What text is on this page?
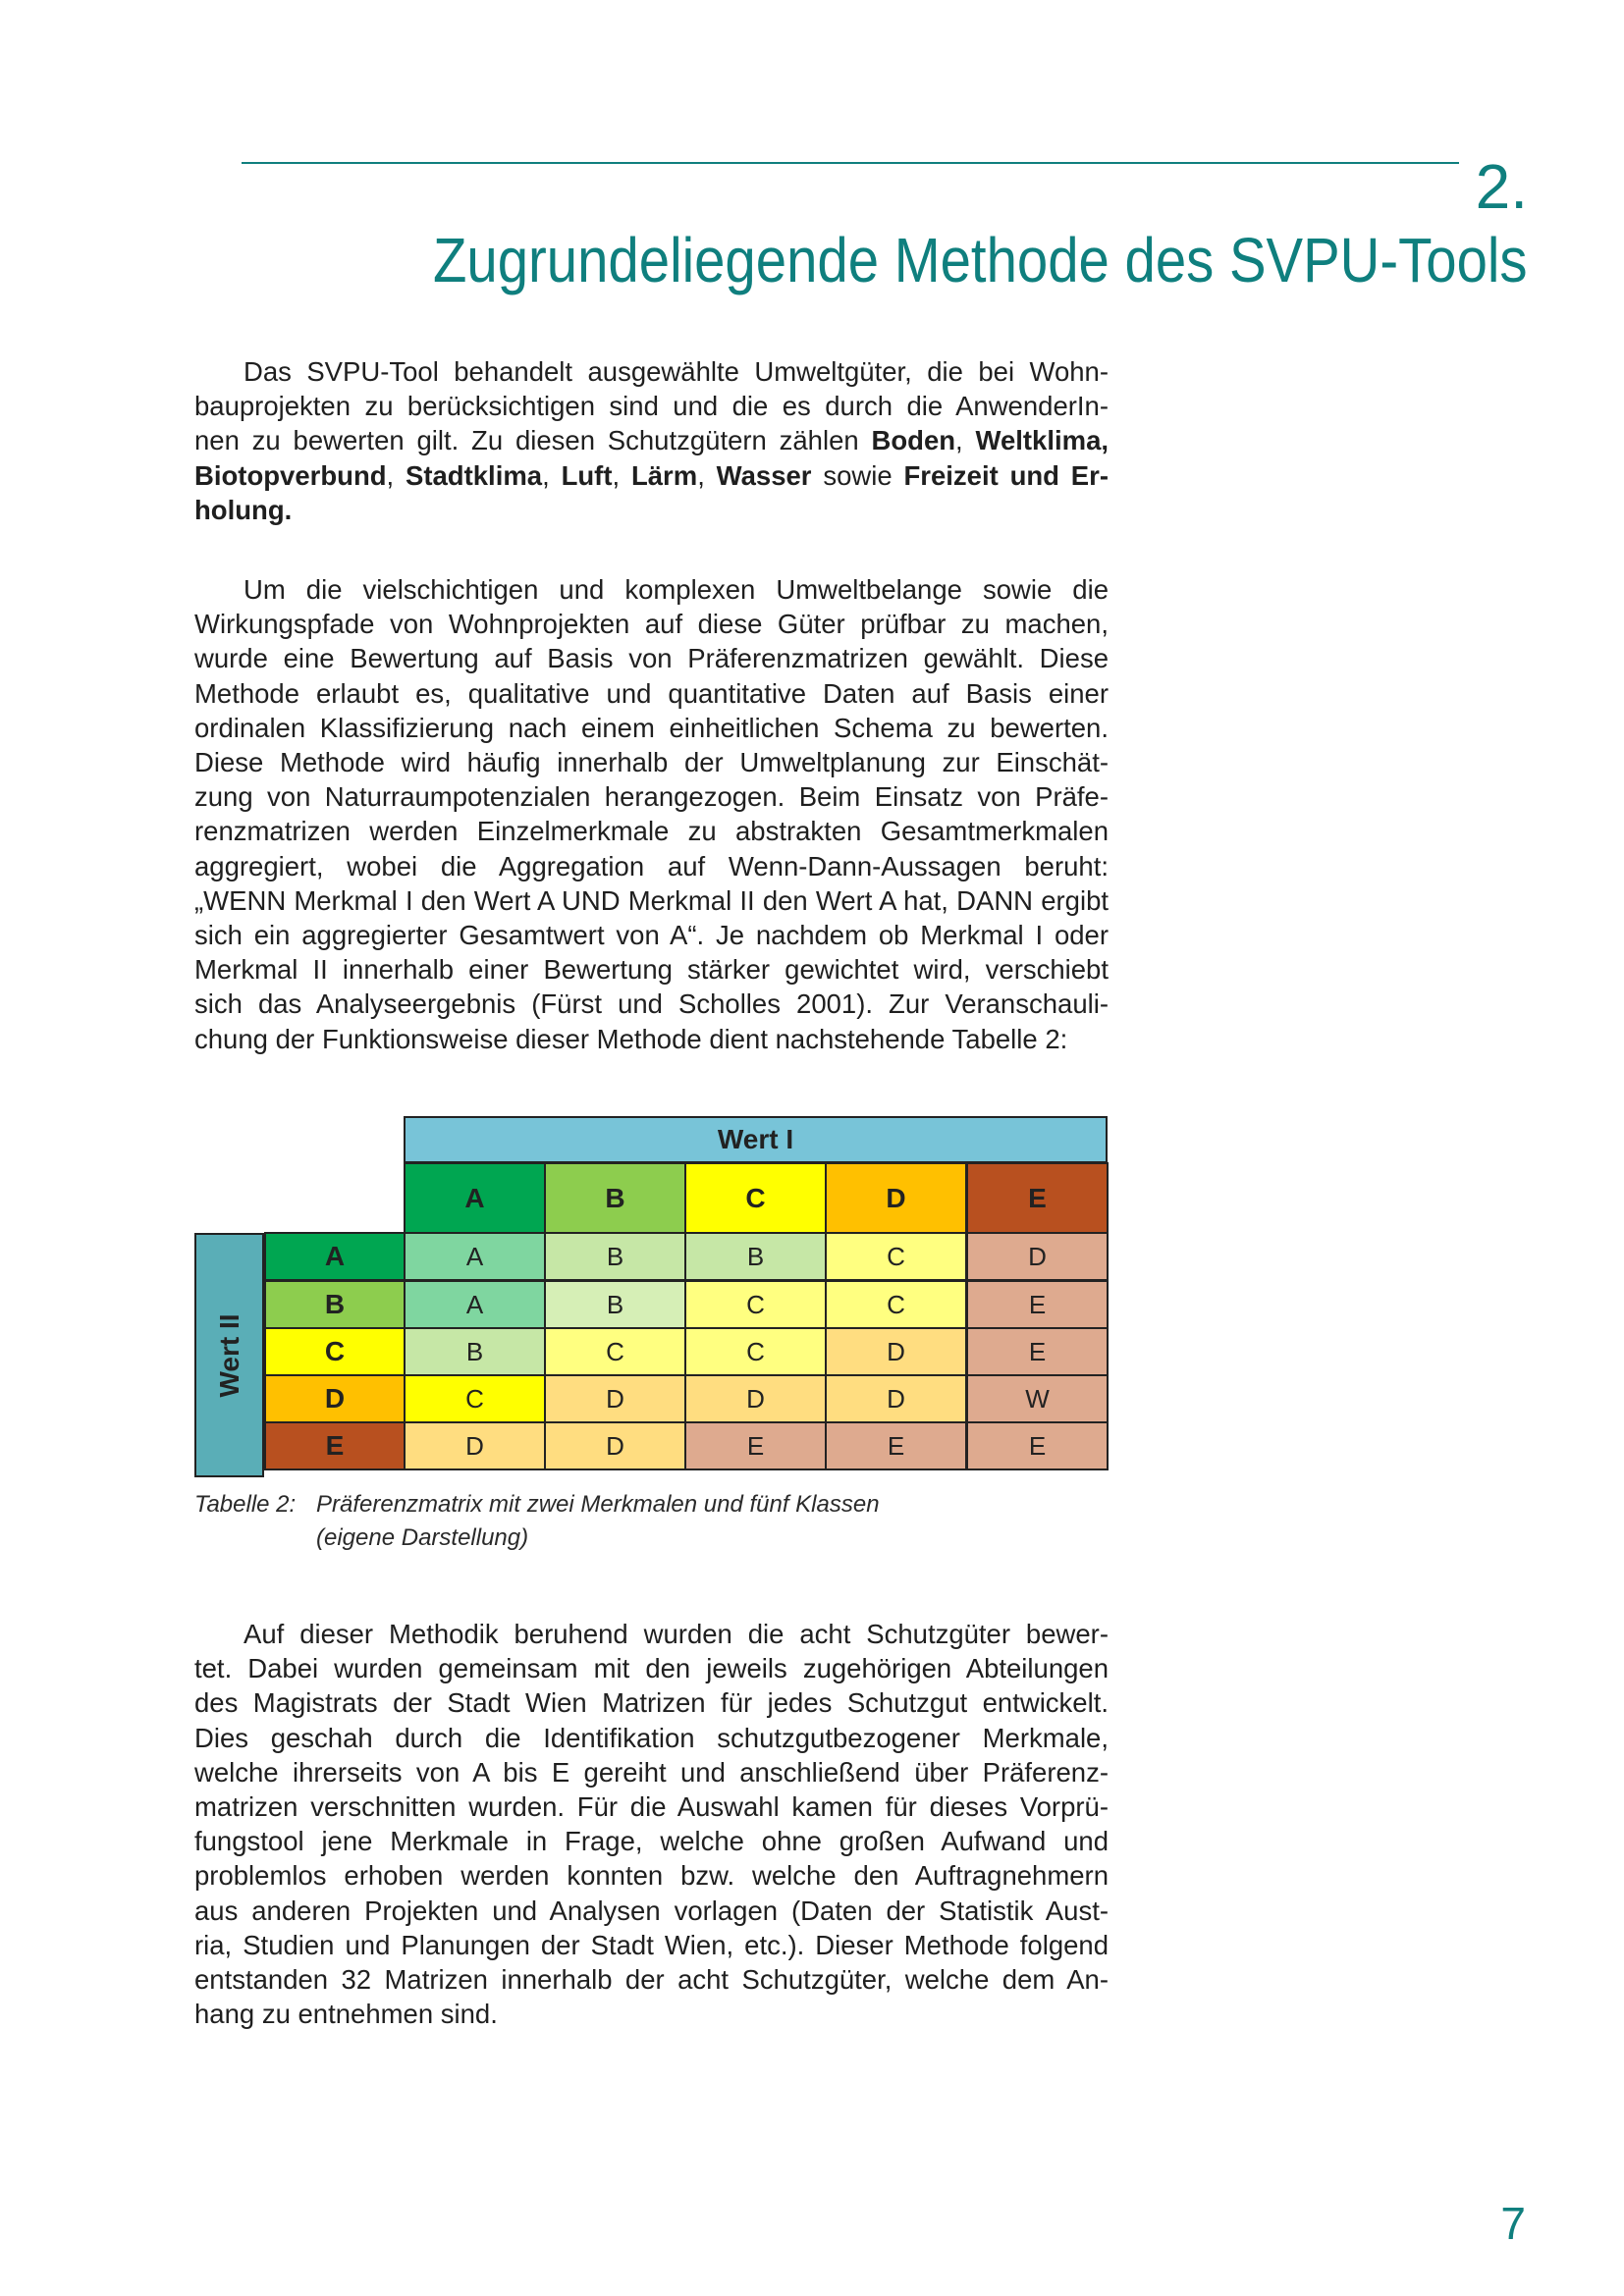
2.
Zugrundeliegende Methode des SVPU-Tools
Das SVPU-Tool behandelt ausgewählte Umweltgüter, die bei Wohn-
bauprojekten zu berücksichtigen sind und die es durch die AnwenderIn-
nen zu bewerten gilt. Zu diesen Schutzgütern zählen Boden, Weltklima,
Biotopverbund, Stadtklima, Luft, Lärm, Wasser sowie Freizeit und Er-
holung.
Um die vielschichtigen und komplexen Umweltbelange sowie die
Wirkungspfade von Wohnprojekten auf diese Güter prüfbar zu machen,
wurde eine Bewertung auf Basis von Präferenzmatrizen gewählt. Diese
Methode erlaubt es, qualitative und quantitative Daten auf Basis einer
ordinalen Klassifizierung nach einem einheitlichen Schema zu bewerten.
Diese Methode wird häufig innerhalb der Umweltplanung zur Einschät-
zung von Naturraumpotenzialen herangezogen. Beim Einsatz von Präfe-
renzmatrizen werden Einzelmerkmale zu abstrakten Gesamtmerkmalen
aggregiert, wobei die Aggregation auf Wenn-Dann-Aussagen beruht:
„WENN Merkmal I den Wert A UND Merkmal II den Wert A hat, DANN ergibt
sich ein aggregierter Gesamtwert von A“. Je nachdem ob Merkmal I oder
Merkmal II innerhalb einer Bewertung stärker gewichtet wird, verschiebt
sich das Analyseergebnis (Fürst und Scholles 2001). Zur Veranschauli-
chung der Funktionsweise dieser Methode dient nachstehende Tabelle 2:
Wert I
Wert II
A	B	C	D	E
A	A	B	B	C	D
B	A	B	C	C	E
C	B	C	C	D	E
D	C	D	D	D	W
E	D	D	E	E	E
Tabelle 2: Präferenzmatrix mit zwei Merkmalen und fünf Klassen
(eigene Darstellung)
Auf dieser Methodik beruhend wurden die acht Schutzgüter bewer-
tet. Dabei wurden gemeinsam mit den jeweils zugehörigen Abteilungen
des Magistrats der Stadt Wien Matrizen für jedes Schutzgut entwickelt.
Dies geschah durch die Identifikation schutzgutbezogener Merkmale,
welche ihrerseits von A bis E gereiht und anschließend über Präferenz-
matrizen verschnitten wurden. Für die Auswahl kamen für dieses Vorprü-
fungstool jene Merkmale in Frage, welche ohne großen Aufwand und
problemlos erhoben werden konnten bzw. welche den Auftragnehmern
aus anderen Projekten und Analysen vorlagen (Daten der Statistik Aust-
ria, Studien und Planungen der Stadt Wien, etc.). Dieser Methode folgend
entstanden 32 Matrizen innerhalb der acht Schutzgüter, welche dem An-
hang zu entnehmen sind.
7
